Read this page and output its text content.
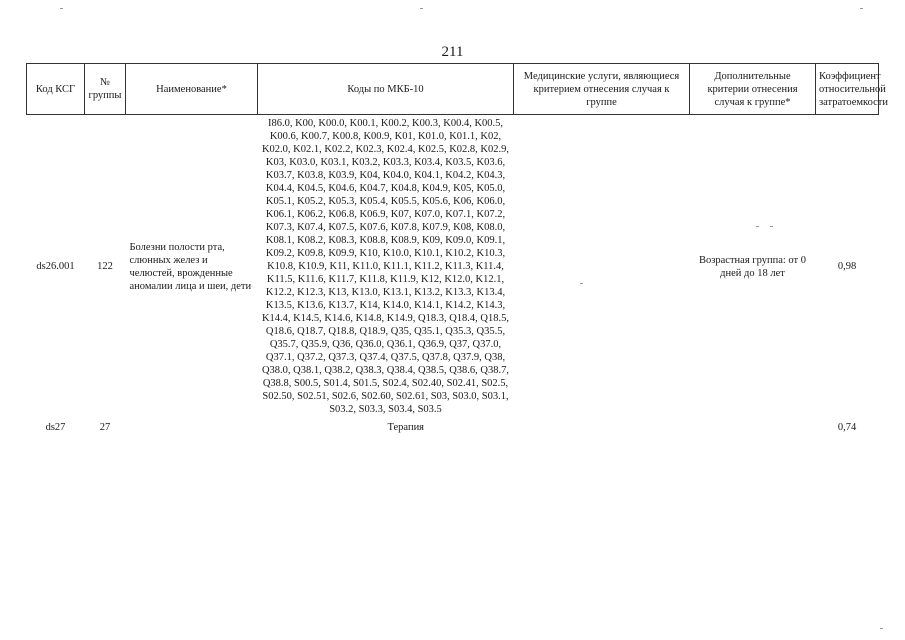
211
Код КСГ	№ группы	Наименование*	Коды по МКБ-10	Медицинские услуги, являющиеся критерием отнесения случая к группе	Дополнительные критерии отнесения случая к группе*	Коэффициент относительной затратоемкости
ds26.001	122	Болезни полости рта, слюнных желез и челюстей, врожденные аномалии лица и шеи, дети	I86.0, K00, K00.0, K00.1, K00.2, K00.3, K00.4, K00.5, K00.6, K00.7, K00.8, K00.9, K01, K01.0, K01.1, K02, K02.0, K02.1, K02.2, K02.3, K02.4, K02.5, K02.8, K02.9, K03, K03.0, K03.1, K03.2, K03.3, K03.4, K03.5, K03.6, K03.7, K03.8, K03.9, K04, K04.0, K04.1, K04.2, K04.3, K04.4, K04.5, K04.6, K04.7, K04.8, K04.9, K05, K05.0, K05.1, K05.2, K05.3, K05.4, K05.5, K05.6, K06, K06.0, K06.1, K06.2, K06.8, K06.9, K07, K07.0, K07.1, K07.2, K07.3, K07.4, K07.5, K07.6, K07.8, K07.9, K08, K08.0, K08.1, K08.2, K08.3, K08.8, K08.9, K09, K09.0, K09.1, K09.2, K09.8, K09.9, K10, K10.0, K10.1, K10.2, K10.3, K10.8, K10.9, K11, K11.0, K11.1, K11.2, K11.3, K11.4, K11.5, K11.6, K11.7, K11.8, K11.9, K12, K12.0, K12.1, K12.2, K12.3, K13, K13.0, K13.1, K13.2, K13.3, K13.4, K13.5, K13.6, K13.7, K14, K14.0, K14.1, K14.2, K14.3, K14.4, K14.5, K14.6, K14.8, K14.9, Q18.3, Q18.4, Q18.5, Q18.6, Q18.7, Q18.8, Q18.9, Q35, Q35.1, Q35.3, Q35.5, Q35.7, Q35.9, Q36, Q36.0, Q36.1, Q36.9, Q37, Q37.0, Q37.1, Q37.2, Q37.3, Q37.4, Q37.5, Q37.8, Q37.9, Q38, Q38.0, Q38.1, Q38.2, Q38.3, Q38.4, Q38.5, Q38.6, Q38.7, Q38.8, S00.5, S01.4, S01.5, S02.4, S02.40, S02.41, S02.5, S02.50, S02.51, S02.6, S02.60, S02.61, S03, S03.0, S03.1, S03.2, S03.3, S03.4, S03.5		Возрастная группа: от 0 дней до 18 лет	0,98
ds27	27		Терапия			0,74
